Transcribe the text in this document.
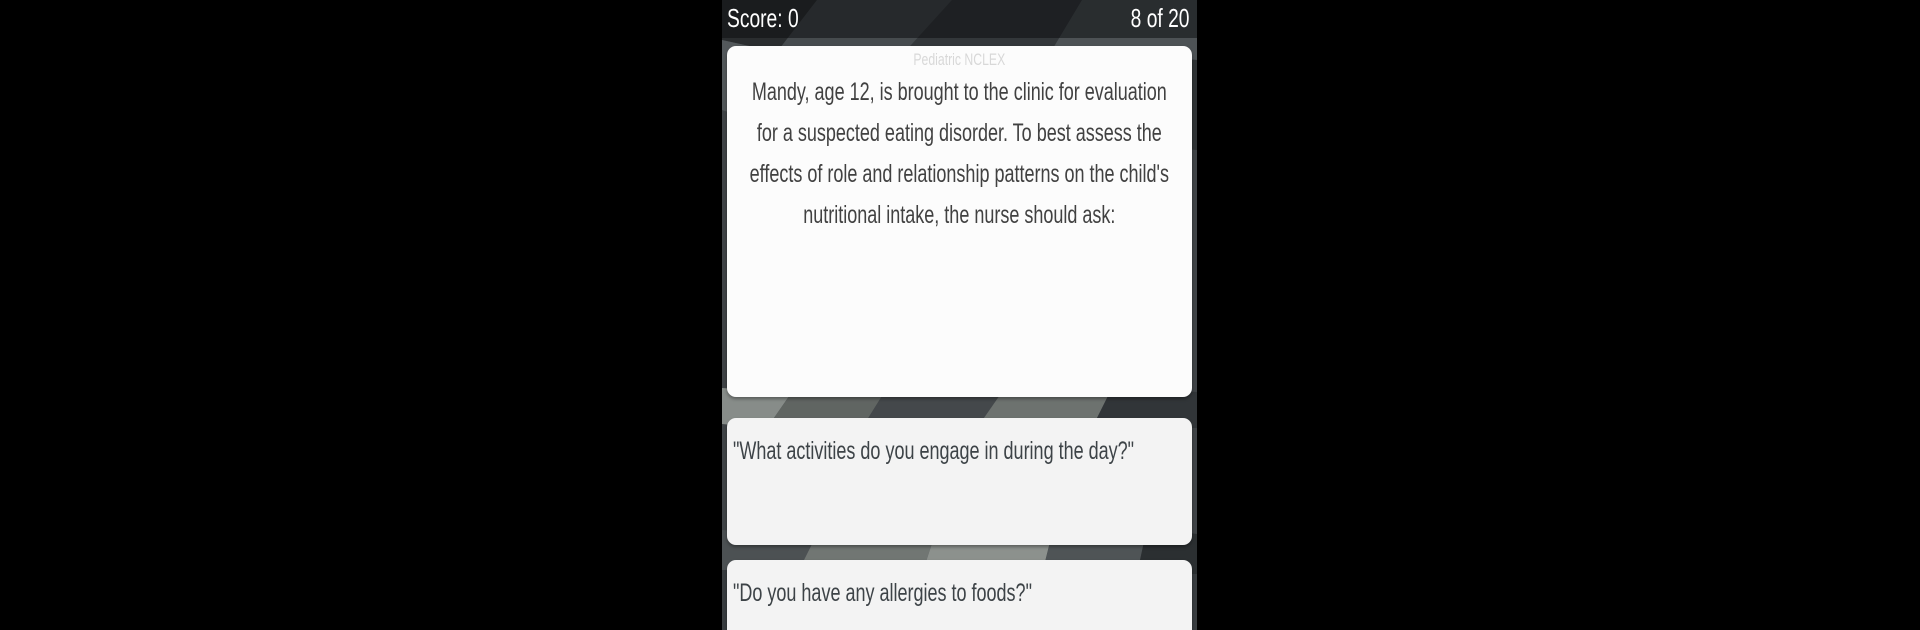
Score: 0	8 of 20
Pediatric NCLEX
Mandy, age 12, is brought to the clinic for evaluation for a suspected eating disorder. To best assess the effects of role and relationship patterns on the child's nutritional intake, the nurse should ask:
"What activities do you engage in during the day?"
"Do you have any allergies to foods?"
